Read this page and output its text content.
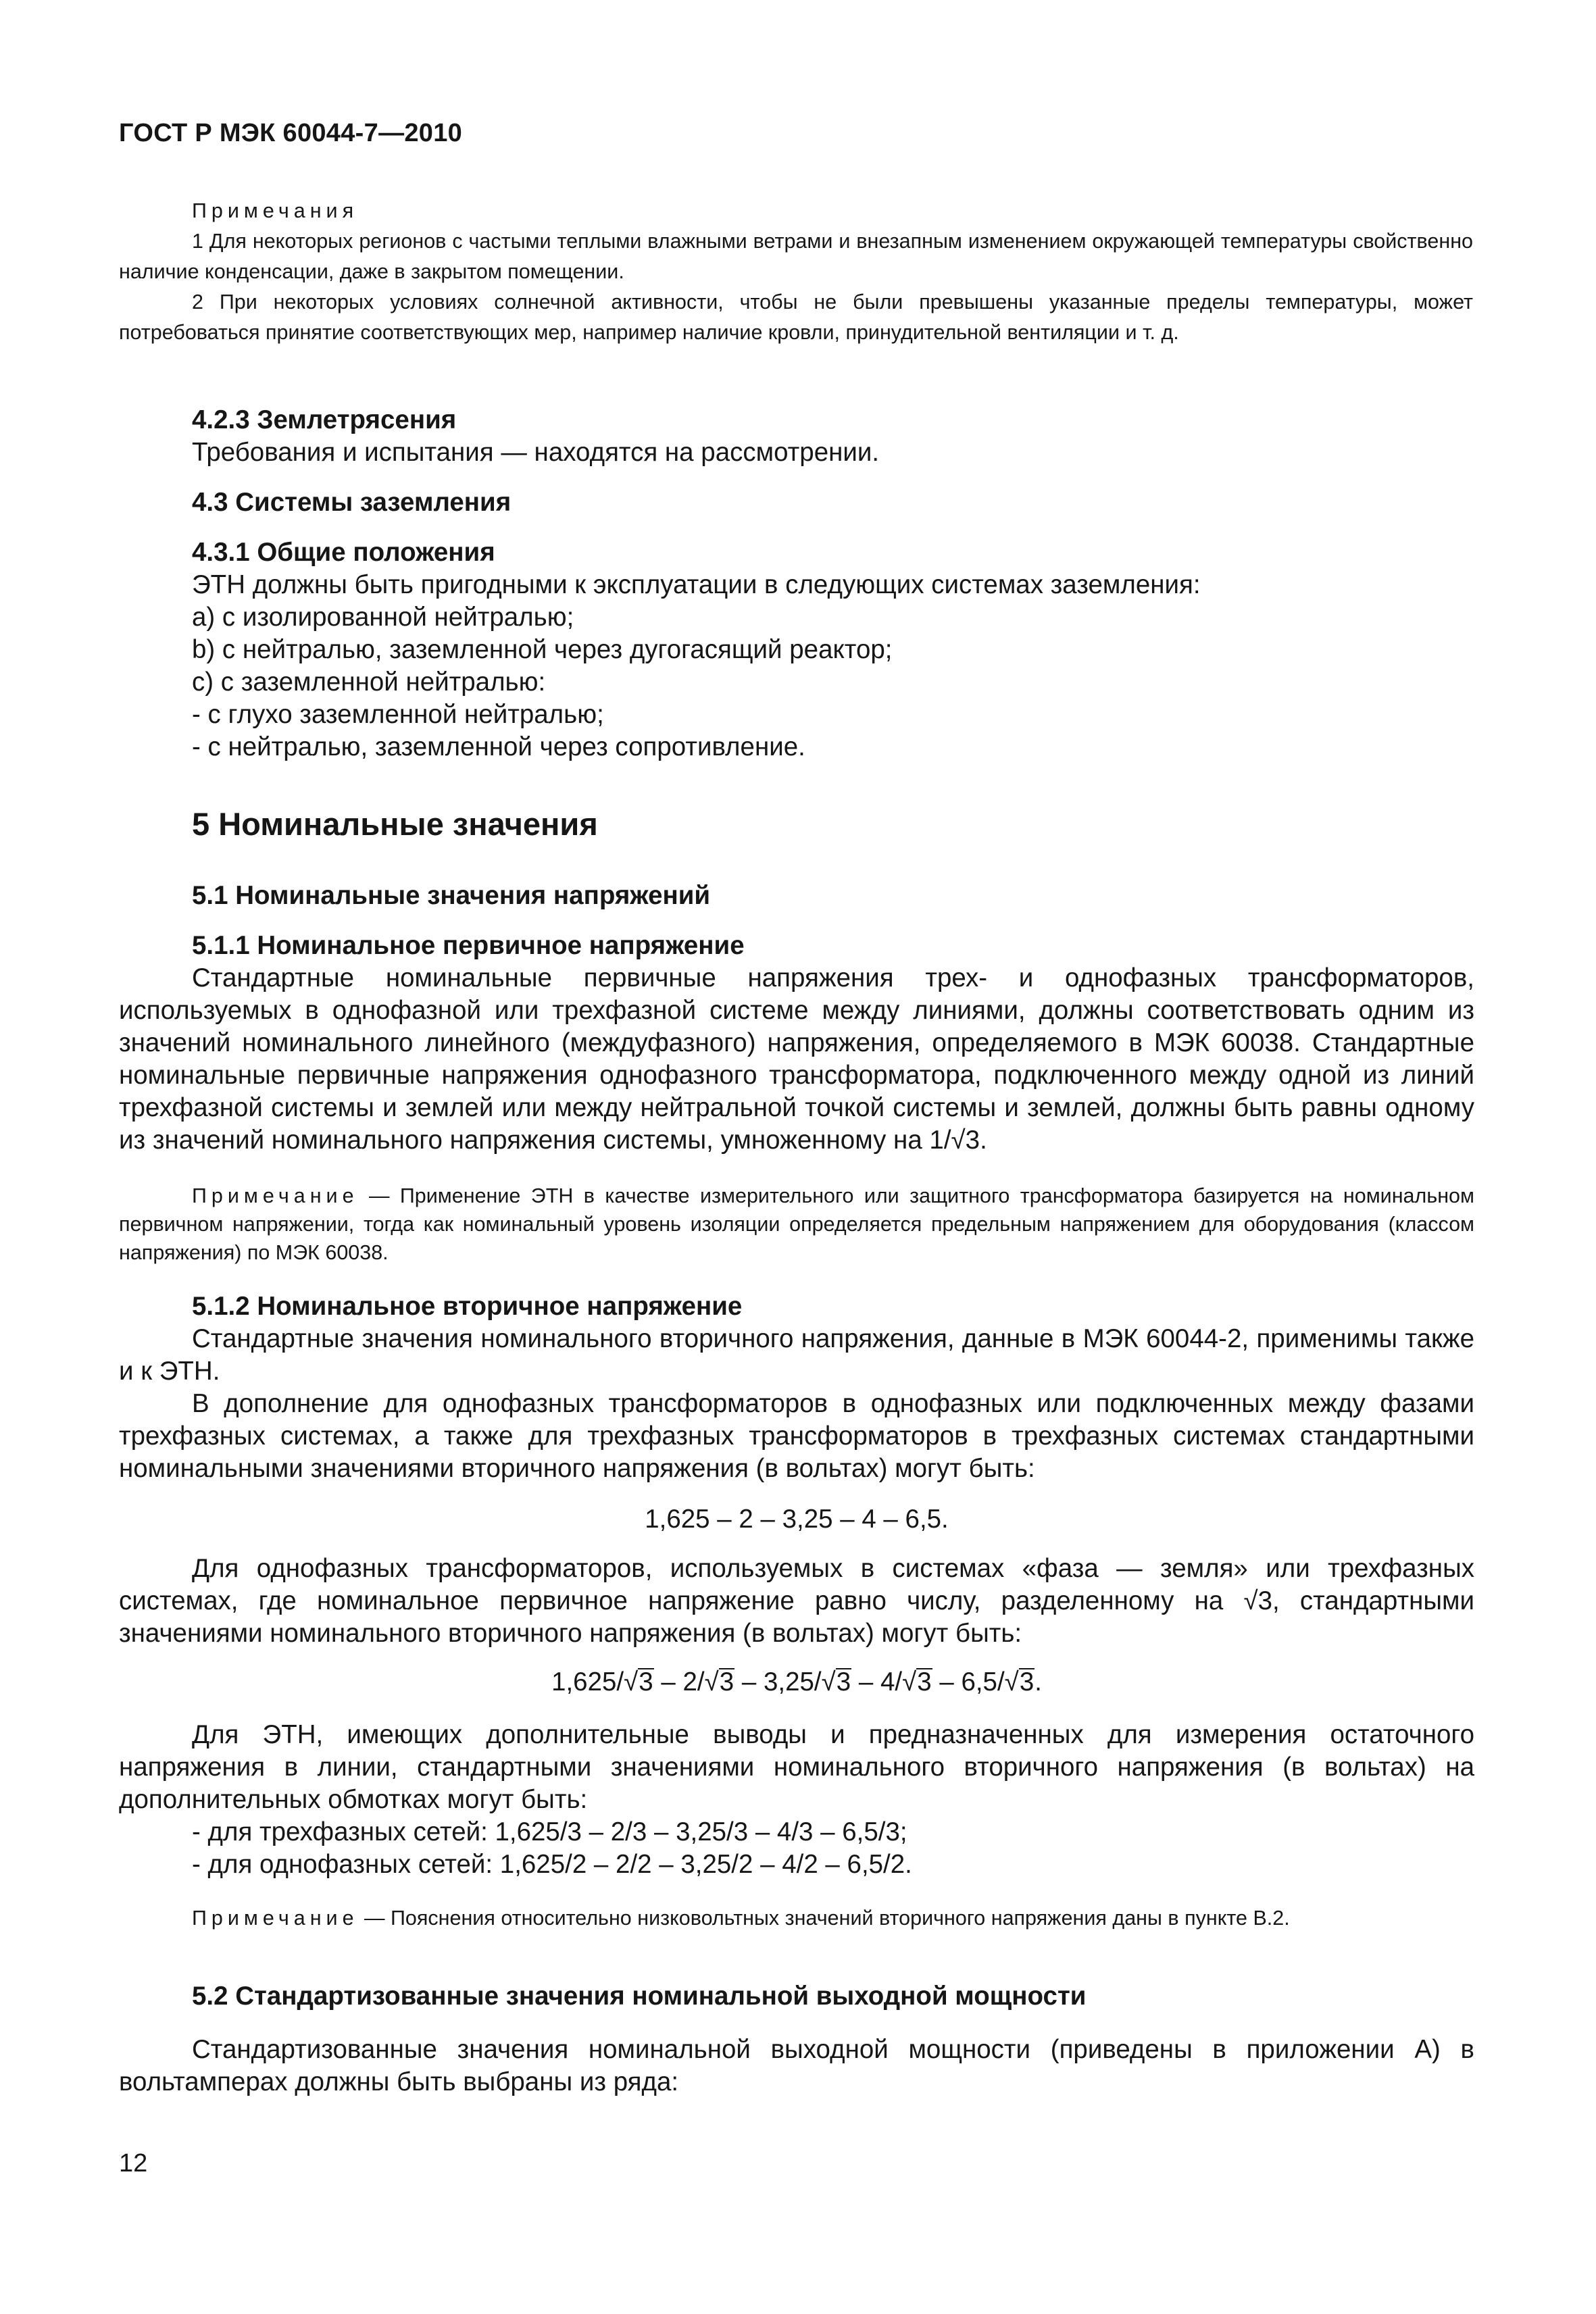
ГОСТ Р МЭК 60044-7—2010
Примечания
1 Для некоторых регионов с частыми теплыми влажными ветрами и внезапным изменением окружающей температуры свойственно наличие конденсации, даже в закрытом помещении.
2 При некоторых условиях солнечной активности, чтобы не были превышены указанные пределы температуры, может потребоваться принятие соответствующих мер, например наличие кровли, принудительной вентиляции и т. д.
4.2.3 Землетрясения
Требования и испытания — находятся на рассмотрении.
4.3 Системы заземления
4.3.1 Общие положения
ЭТН должны быть пригодными к эксплуатации в следующих системах заземления:
a) с изолированной нейтралью;
b) с нейтралью, заземленной через дугогасящий реактор;
c) с заземленной нейтралью:
- с глухо заземленной нейтралью;
- с нейтралью, заземленной через сопротивление.
5 Номинальные значения
5.1 Номинальные значения напряжений
5.1.1 Номинальное первичное напряжение
Стандартные номинальные первичные напряжения трех- и однофазных трансформаторов, используемых в однофазной или трехфазной системе между линиями, должны соответствовать одним из значений номинального линейного (междуфазного) напряжения, определяемого в МЭК 60038. Стандартные номинальные первичные напряжения однофазного трансформатора, подключенного между одной из линий трехфазной системы и землей или между нейтральной точкой системы и землей, должны быть равны одному из значений номинального напряжения системы, умноженному на 1/√3.
Примечание — Применение ЭТН в качестве измерительного или защитного трансформатора базируется на номинальном первичном напряжении, тогда как номинальный уровень изоляции определяется предельным напряжением для оборудования (классом напряжения) по МЭК 60038.
5.1.2 Номинальное вторичное напряжение
Стандартные значения номинального вторичного напряжения, данные в МЭК 60044-2, применимы также и к ЭТН.
В дополнение для однофазных трансформаторов в однофазных или подключенных между фазами трехфазных системах, а также для трехфазных трансформаторов в трехфазных системах стандартными номинальными значениями вторичного напряжения (в вольтах) могут быть:
1,625 – 2 – 3,25 – 4 – 6,5.
Для однофазных трансформаторов, используемых в системах «фаза — земля» или трехфазных системах, где номинальное первичное напряжение равно числу, разделенному на √3, стандартными значениями номинального вторичного напряжения (в вольтах) могут быть:
1,625/√3 – 2/√3 – 3,25/√3 – 4/√3 – 6,5/√3.
Для ЭТН, имеющих дополнительные выводы и предназначенных для измерения остаточного напряжения в линии, стандартными значениями номинального вторичного напряжения (в вольтах) на дополнительных обмотках могут быть:
- для трехфазных сетей: 1,625/3 – 2/3 – 3,25/3 – 4/3 – 6,5/3;
- для однофазных сетей: 1,625/2 – 2/2 – 3,25/2 – 4/2 – 6,5/2.
Примечание — Пояснения относительно низковольтных значений вторичного напряжения даны в пункте В.2.
5.2 Стандартизованные значения номинальной выходной мощности
Стандартизованные значения номинальной выходной мощности (приведены в приложении А) в вольтамперах должны быть выбраны из ряда:
12
